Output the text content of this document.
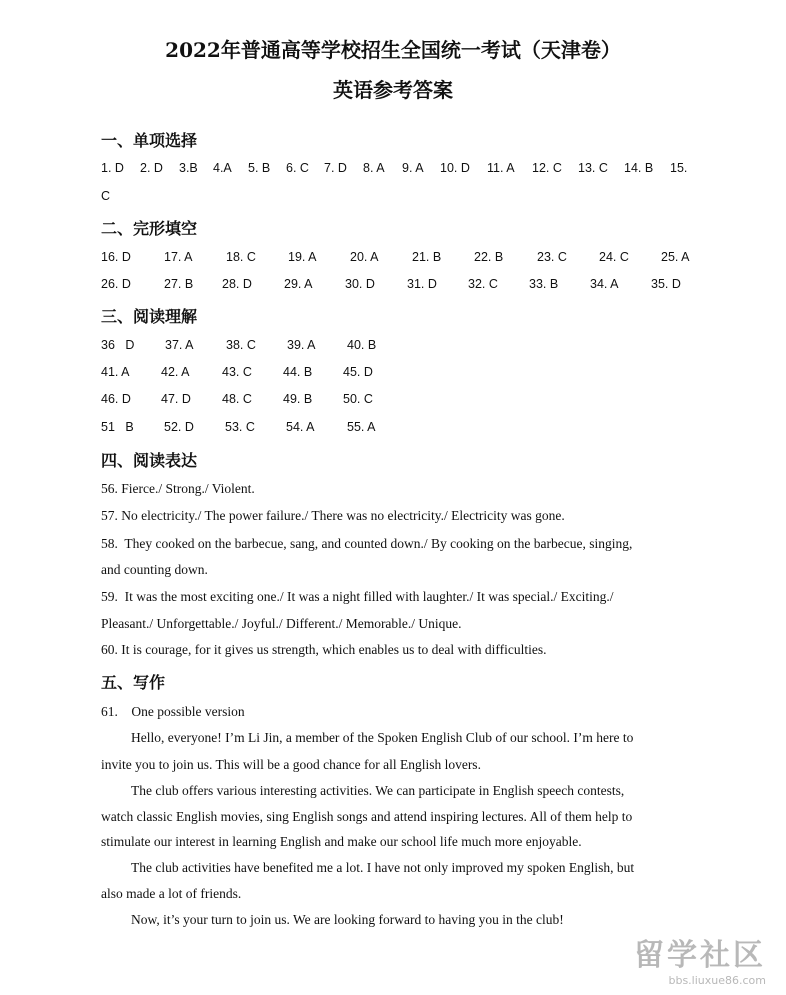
2022年普通高等学校招生全国统一考试（天津卷）
英语参考答案
一、单项选择
1. D 2. D 3.B 4.A 5. B 6. C 7. D 8. A 9. A 10. D 11. A 12. C 13. C 14. B 15.
C
二、完形填空
16. D	17. A	18. C	19. A	20. A	21. B	22. B	23. C	24. C	25. A
26. D	27. B 28. D	29. A	30. D	31. D 32. C 33. B	34. A	35. D
三、阅读理解
36   D 37. A	38. C 39. A	40. B
41. A	42. A	43. C 44. B 45. D
46. D 47. D 48. C 49. B 50. C
51   B 52. D 53. C 54. A	55. A
四、阅读表达
56. Fierce./ Strong./ Violent.
57. No electricity./ The power failure./ There was no electricity./ Electricity was gone.
58.  They cooked on the barbecue, sang, and counted down./ By cooking on the barbecue, singing,
and counting down.
59.  It was the most exciting one./ It was a night filled with laughter./ It was special./ Exciting./
Pleasant./ Unforgettable./ Joyful./ Different./ Memorable./ Unique.
60. It is courage, for it gives us strength, which enables us to deal with difficulties.
五、写作
61.    One possible version
Hello, everyone! I’m Li Jin, a member of the Spoken English Club of our school. I’m here to
invite you to join us. This will be a good chance for all English lovers.
The club offers various interesting activities. We can participate in English speech contests,
watch classic English movies, sing English songs and attend inspiring lectures. All of them help to
stimulate our interest in learning English and make our school life much more enjoyable.
The club activities have benefited me a lot. I have not only improved my spoken English, but
also made a lot of friends.
Now, it’s your turn to join us. We are looking forward to having you in the club!
留学社区
bbs.liuxue86.com
